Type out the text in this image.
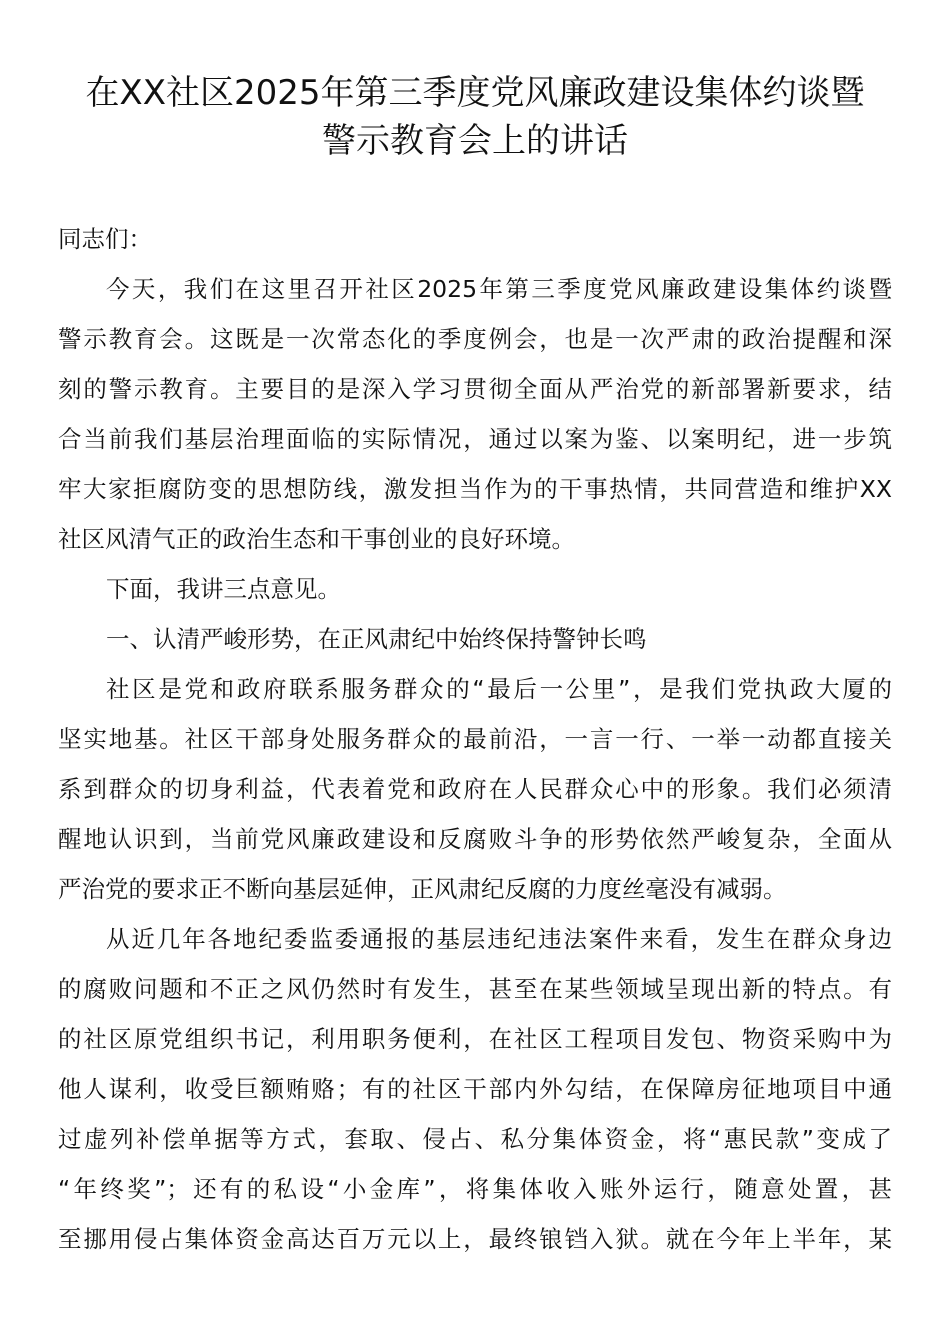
在XX社区2025年第三季度党风廉政建设集体约谈暨
警示教育会上的讲话

同志们：

今天，我们在这里召开社区2025年第三季度党风廉政建设集体约谈暨

警示教育会。这既是一次常态化的季度例会，也是一次严肃的政治提醒和深

刻的警示教育。主要目的是深入学习贯彻全面从严治党的新部署新要求，结

合当前我们基层治理面临的实际情况，通过以案为鉴、以案明纪，进一步筑

牢大家拒腐防变的思想防线，激发担当作为的干事热情，共同营造和维护XX

社区风清气正的政治生态和干事创业的良好环境。

下面，我讲三点意见。

一、认清严峻形势，在正风肃纪中始终保持警钟长鸣

社区是党和政府联系服务群众的“最后一公里”，是我们党执政大厦的

坚实地基。社区干部身处服务群众的最前沿，一言一行、一举一动都直接关

系到群众的切身利益，代表着党和政府在人民群众心中的形象。我们必须清

醒地认识到，当前党风廉政建设和反腐败斗争的形势依然严峻复杂，全面从

严治党的要求正不断向基层延伸，正风肃纪反腐的力度丝毫没有减弱。

从近几年各地纪委监委通报的基层违纪违法案件来看，发生在群众身边

的腐败问题和不正之风仍然时有发生，甚至在某些领域呈现出新的特点。有

的社区原党组织书记，利用职务便利，在社区工程项目发包、物资采购中为

他人谋利，收受巨额贿赂；有的社区干部内外勾结，在保障房征地项目中通

过虚列补偿单据等方式，套取、侵占、私分集体资金，将“惠民款”变成了

“年终奖”；还有的私设“小金库”，将集体收入账外运行，随意处置，甚

至挪用侵占集体资金高达百万元以上，最终锒铛入狱。就在今年上半年，某
